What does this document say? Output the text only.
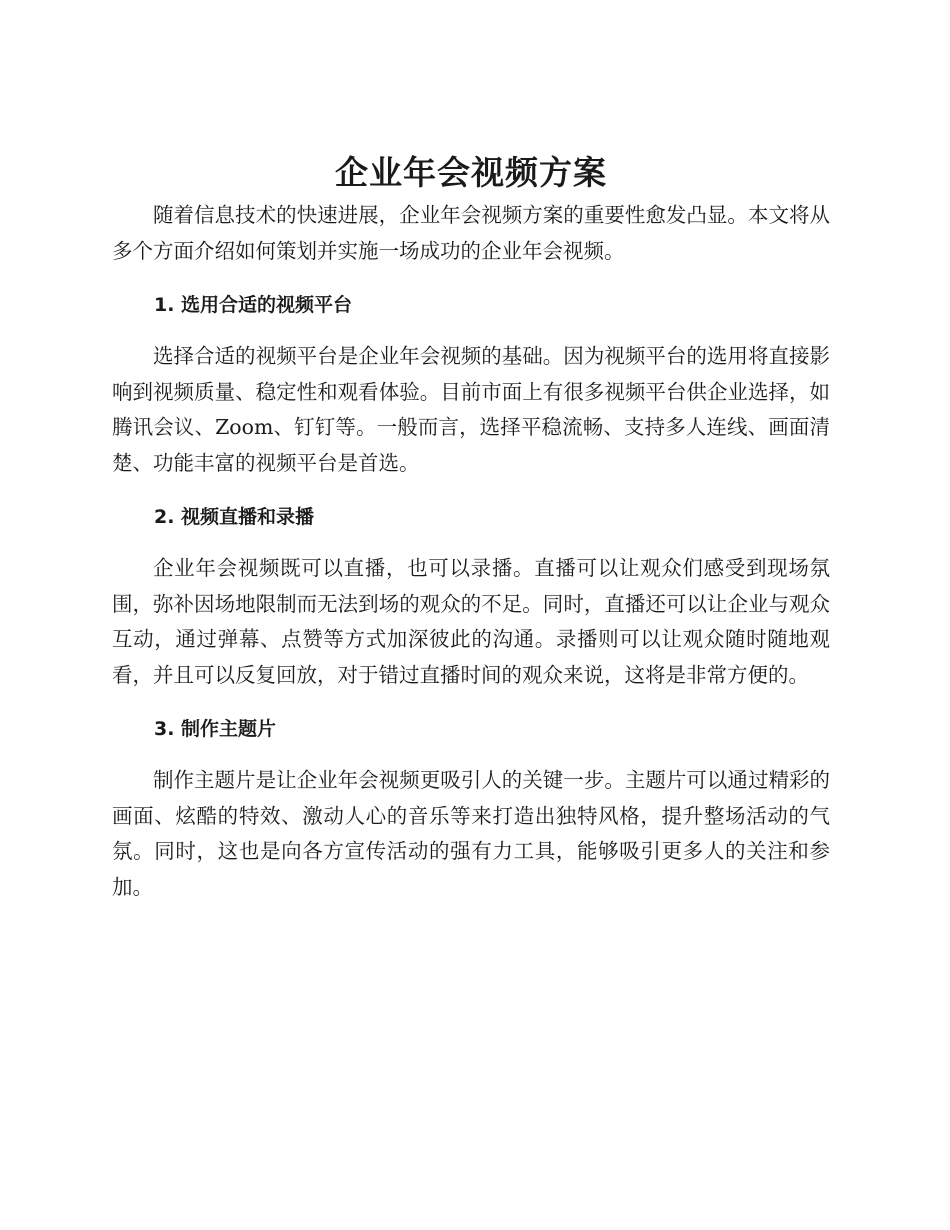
企业年会视频方案

随着信息技术的快速进展，企业年会视频方案的重要性愈发凸显。本文将从多个方面介绍如何策划并实施一场成功的企业年会视频。

1. 选用合适的视频平台

选择合适的视频平台是企业年会视频的基础。因为视频平台的选用将直接影响到视频质量、稳定性和观看体验。目前市面上有很多视频平台供企业选择，如腾讯会议、Zoom、钉钉等。一般而言，选择平稳流畅、支持多人连线、画面清楚、功能丰富的视频平台是首选。

2. 视频直播和录播

企业年会视频既可以直播，也可以录播。直播可以让观众们感受到现场氛围，弥补因场地限制而无法到场的观众的不足。同时，直播还可以让企业与观众互动，通过弹幕、点赞等方式加深彼此的沟通。录播则可以让观众随时随地观看，并且可以反复回放，对于错过直播时间的观众来说，这将是非常方便的。

3. 制作主题片

制作主题片是让企业年会视频更吸引人的关键一步。主题片可以通过精彩的画面、炫酷的特效、激动人心的音乐等来打造出独特风格，提升整场活动的气氛。同时，这也是向各方宣传活动的强有力工具，能够吸引更多人的关注和参加。
